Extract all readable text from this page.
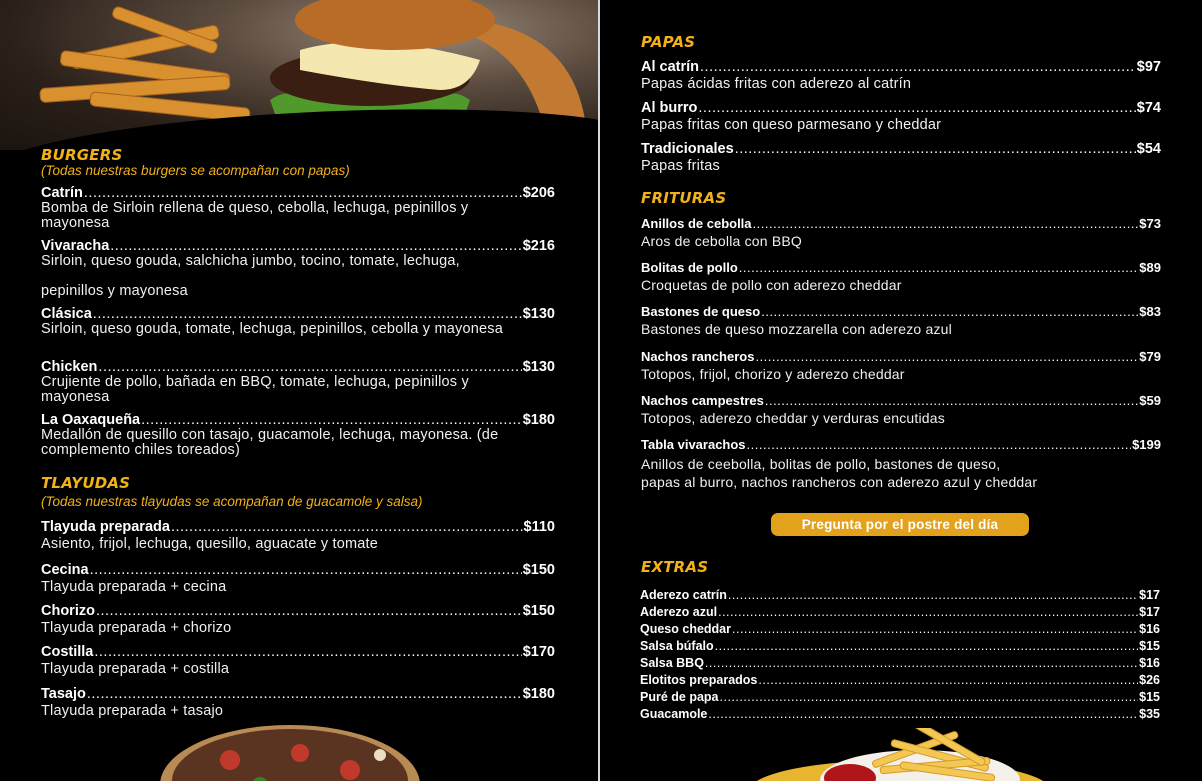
BURGERS
(Todas nuestras burgers se acompañan con papas)
Catrín .....	$206
Bomba de Sirloin rellena de queso, cebolla, lechuga, pepinillos y mayonesa
Vivaracha .....	$216
Sirloin, queso gouda, salchicha jumbo, tocino, tomate, lechuga,
pepinillos y mayonesa
Clásica .....	$130
Sirloin, queso gouda, tomate, lechuga, pepinillos, cebolla y mayonesa
Chicken .....	$130
Crujiente de pollo, bañada en BBQ, tomate, lechuga, pepinillos y mayonesa
La Oaxaqueña .....	$180
Medallón de quesillo con tasajo, guacamole, lechuga, mayonesa. (de complemento chiles toreados)
TLAYUDAS
(Todas nuestras tlayudas se acompañan de guacamole y salsa)
Tlayuda preparada .....	$110
Asiento, frijol, lechuga, quesillo, aguacate y tomate
Cecina .....	$150
Tlayuda preparada + cecina
Chorizo .....	$150
Tlayuda preparada + chorizo
Costilla .....	$170
Tlayuda preparada + costilla
Tasajo .....	$180
Tlayuda preparada + tasajo
PAPAS
Al catrín .....	$97
Papas ácidas fritas con aderezo al catrín
Al burro .....	$74
Papas fritas con queso parmesano y cheddar
Tradicionales .....	$54
Papas fritas
FRITURAS
Anillos de cebolla .....	$73
Aros de cebolla con BBQ
Bolitas de pollo .....	$89
Croquetas de pollo con aderezo cheddar
Bastones de queso .....	$83
Bastones de queso mozzarella con aderezo azul
Nachos rancheros .....	$79
Totopos, frijol, chorizo y aderezo cheddar
Nachos campestres .....	$59
Totopos, aderezo cheddar y verduras encutidas
Tabla vivarachos .....	$199
Anillos de ceebolla, bolitas de pollo, bastones de queso,
papas al burro, nachos rancheros con aderezo azul y cheddar
Pregunta por el postre del día
EXTRAS
Aderezo catrín .....	$17
Aderezo azul .....	$17
Queso cheddar .....	$16
Salsa búfalo .....	$15
Salsa BBQ .....	$16
Elotitos preparados .....	$26
Puré de papa .....	$15
Guacamole .....	$35
